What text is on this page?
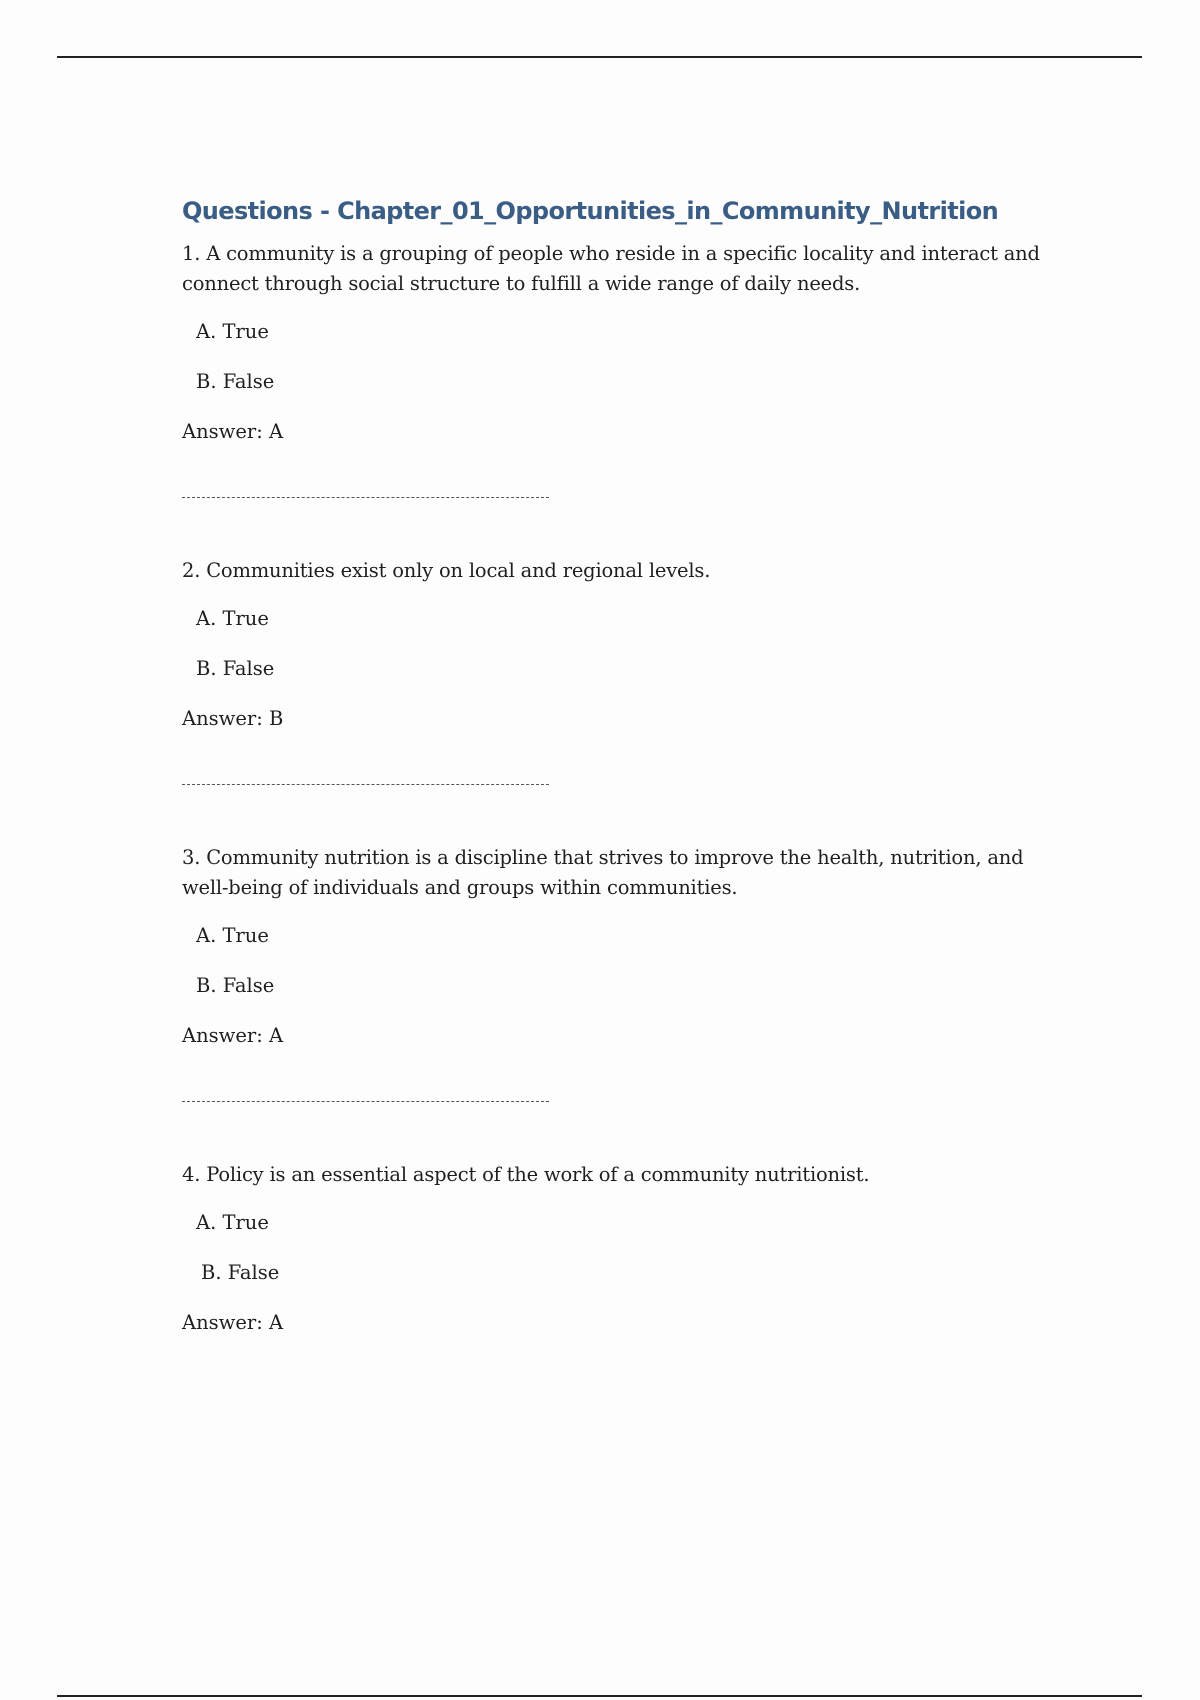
Questions - Chapter_01_Opportunities_in_Community_Nutrition

1. A community is a grouping of people who reside in a specific locality and interact and connect through social structure to fulfill a wide range of daily needs.

A. True

B. False

Answer: A

2. Communities exist only on local and regional levels.

A. True

B. False

Answer: B

3. Community nutrition is a discipline that strives to improve the health, nutrition, and well-being of individuals and groups within communities.

A. True

B. False

Answer: A

4. Policy is an essential aspect of the work of a community nutritionist.

A. True

B. False

Answer: A
